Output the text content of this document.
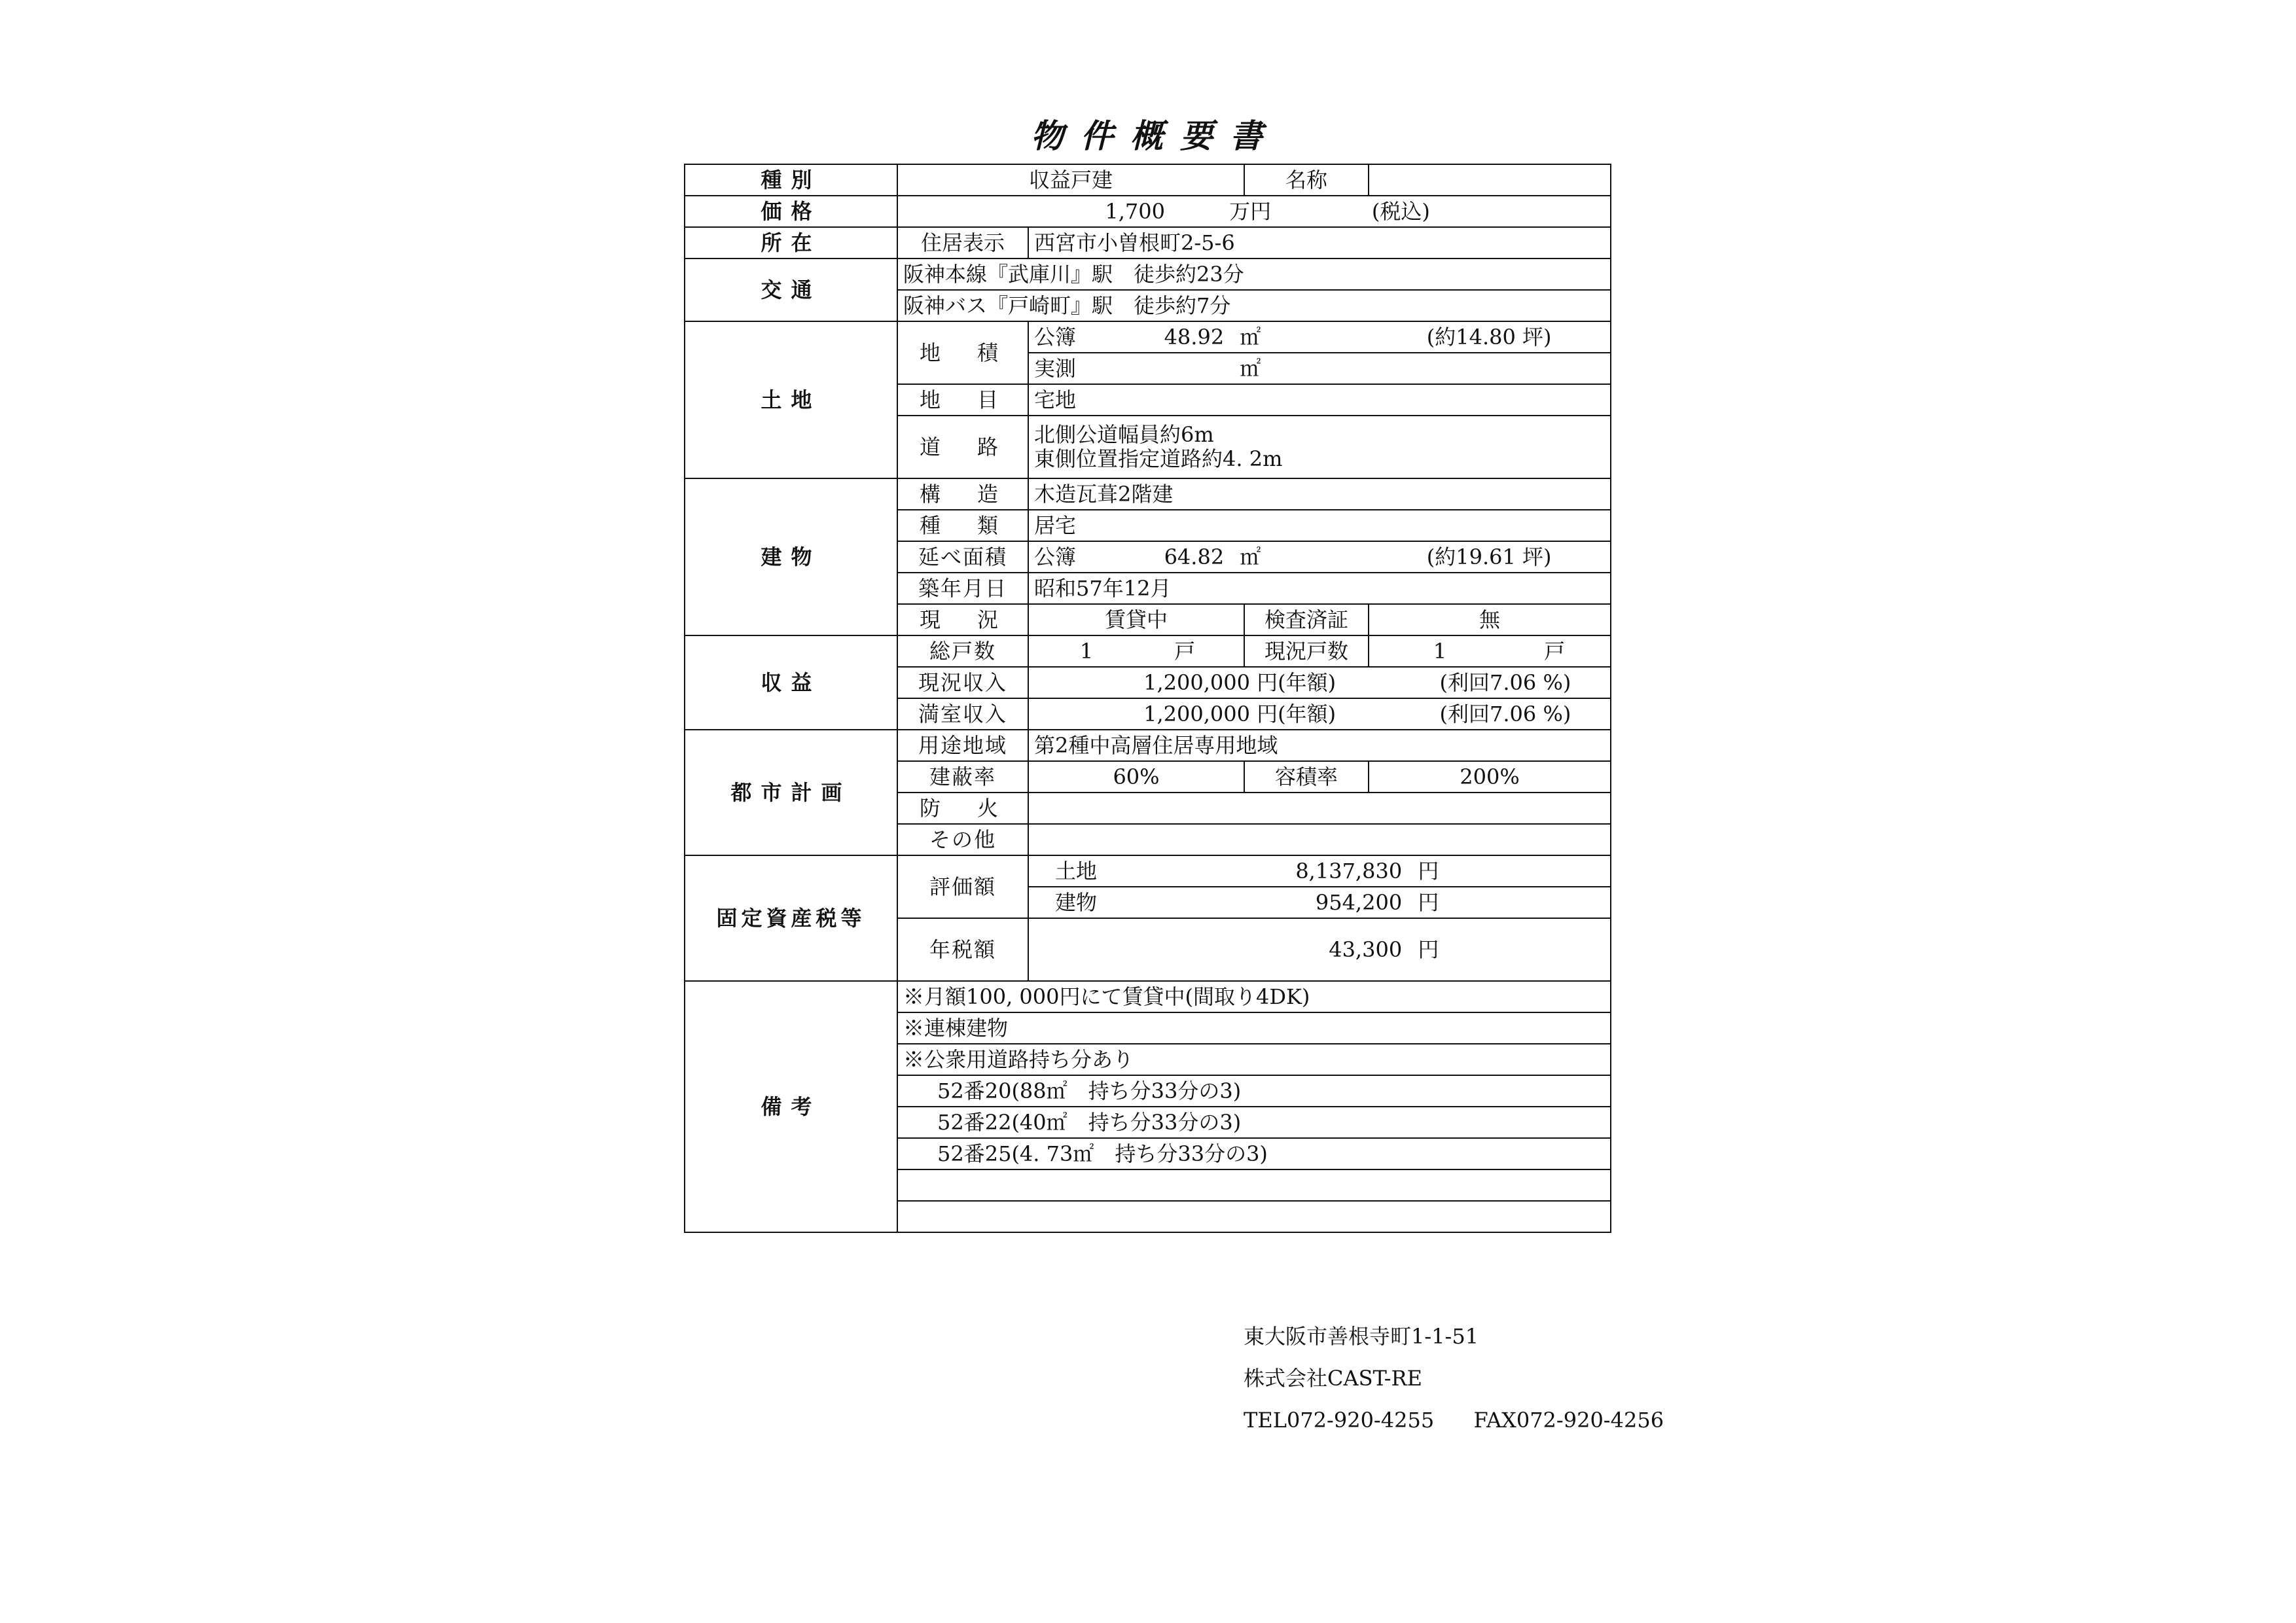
物件概要書
種別	収益戸建		名称	
価格	1,700 万円 (税込)			
所在	住居表示	西宮市小曽根町2-5-6		
交通	阪神本線『武庫川』駅　徒歩約23分			
	阪神バス『戸崎町』駅　徒歩約7分			
土地	地　積	公簿 48.92 ㎡ (約14.80 坪)		
		実測 ㎡		
	地　目	宅地		
	道　路	北側公道幅員約6m
東側位置指定道路約4. 2m		

建物	構　造	木造瓦葺2階建		
	種　類	居宅		
	延べ面積	公簿 64.82 ㎡ (約19.61 坪)		
	築年月日	昭和57年12月		
	現　況	賃貸中	検査済証	無
収益	総戸数	1 戸	現況戸数	1 戸
	現況収入	1,200,000 円(年額) (利回7.06 %)		
	満室収入	1,200,000 円(年額) (利回7.06 %)		
都市計画	用途地域	第2種中高層住居専用地域		
	建蔽率	60%	容積率	200%
	防　火			
	その他			
固定資産税等	評価額	土地 8,137,830 円
建物 954,200 円		

	年税額	43,300 円		
備考	※月額100, 000円にて賃貸中(間取り4DK)			
	※連棟建物			
	※公衆用道路持ち分あり			
	52番20(88㎡　持ち分33分の3)			
	52番22(40㎡　持ち分33分の3)			
	52番25(4. 73㎡　持ち分33分の3)			

東大阪市善根寺町1-1-51
株式会社CAST-RE
TEL072-920-4255 FAX072-920-4256
